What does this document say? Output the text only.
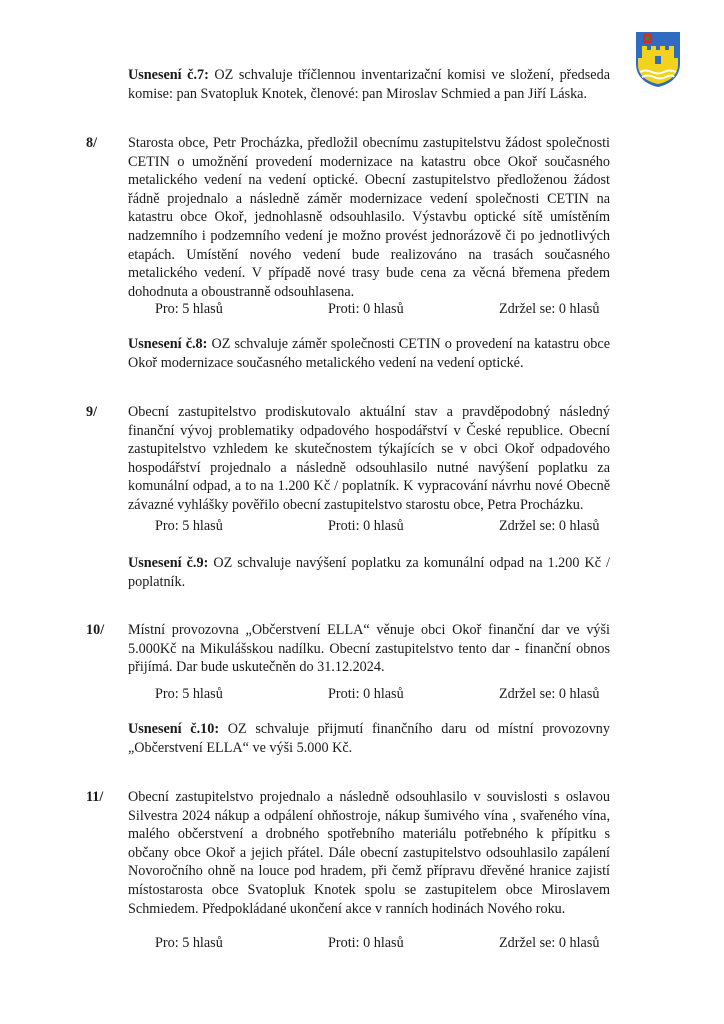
Usnesení č.7: OZ schvaluje tříčlennou inventarizační komisi ve složení, předseda komise: pan Svatopluk Knotek, členové: pan Miroslav Schmied a pan Jiří Láska.
8/ Starosta obce, Petr Procházka, předložil obecnímu zastupitelstvu žádost společnosti CETIN o umožnění provedení modernizace na katastru obce Okoř současného metalického vedení na vedení optické. Obecní zastupitelstvo předloženou žádost řádně projednalo a následně záměr modernizace vedení společnosti CETIN na katastru obce Okoř, jednohlasně odsouhlasilo. Výstavbu optické sítě umístěním nadzemního i podzemního vedení je možno provést jednorázově či po jednotlivých etapách. Umístění nového vedení bude realizováno na trasách současného metalického vedení. V případě nové trasy bude cena za věcná břemena předem dohodnuta a oboustranně odsouhlasena.
Pro: 5 hlasů	Proti: 0 hlasů	Zdržel se: 0 hlasů
Usnesení č.8: OZ schvaluje záměr společnosti CETIN o provedení na katastru obce Okoř modernizace současného metalického vedení na vedení optické.
9/ Obecní zastupitelstvo prodiskutovalo aktuální stav a pravděpodobný následný finanční vývoj problematiky odpadového hospodářství v České republice. Obecní zastupitelstvo vzhledem ke skutečnostem týkajících se v obci Okoř odpadového hospodářství projednalo a následně odsouhlasilo nutné navýšení poplatku za komunální odpad, a to na 1.200 Kč / poplatník. K vypracování návrhu nové Obecně závazné vyhlášky pověřilo obecní zastupitelstvo starostu obce, Petra Procházku.
Pro: 5 hlasů	Proti: 0 hlasů	Zdržel se: 0 hlasů
Usnesení č.9: OZ schvaluje navýšení poplatku za komunální odpad na 1.200 Kč / poplatník.
10/ Místní provozovna „Občerstvení ELLA“ věnuje obci Okoř finanční dar ve výši 5.000Kč na Mikulášskou nadílku. Obecní zastupitelstvo tento dar - finanční obnos přijímá. Dar bude uskutečněn do 31.12.2024.
Pro: 5 hlasů	Proti: 0 hlasů	Zdržel se: 0 hlasů
Usnesení č.10: OZ schvaluje přijmutí finančního daru od místní provozovny „Občerstvení ELLA“ ve výši 5.000 Kč.
11/ Obecní zastupitelstvo projednalo a následně odsouhlasilo v souvislosti s oslavou Silvestra 2024 nákup a odpálení ohňostroje, nákup šumivého vína , svařeného vína, malého občerstvení a drobného spotřebního materiálu potřebného k přípitku s občany obce Okoř a jejich přátel. Dále obecní zastupitelstvo odsouhlasilo zapálení Novoročního ohně na louce pod hradem, při čemž přípravu dřevěné hranice zajistí místostarosta obce Svatopluk Knotek spolu se zastupitelem obce Miroslavem Schmiedem. Předpokládané ukončení akce v ranních hodinách Nového roku.
Pro: 5 hlasů	Proti: 0 hlasů	Zdržel se: 0 hlasů
